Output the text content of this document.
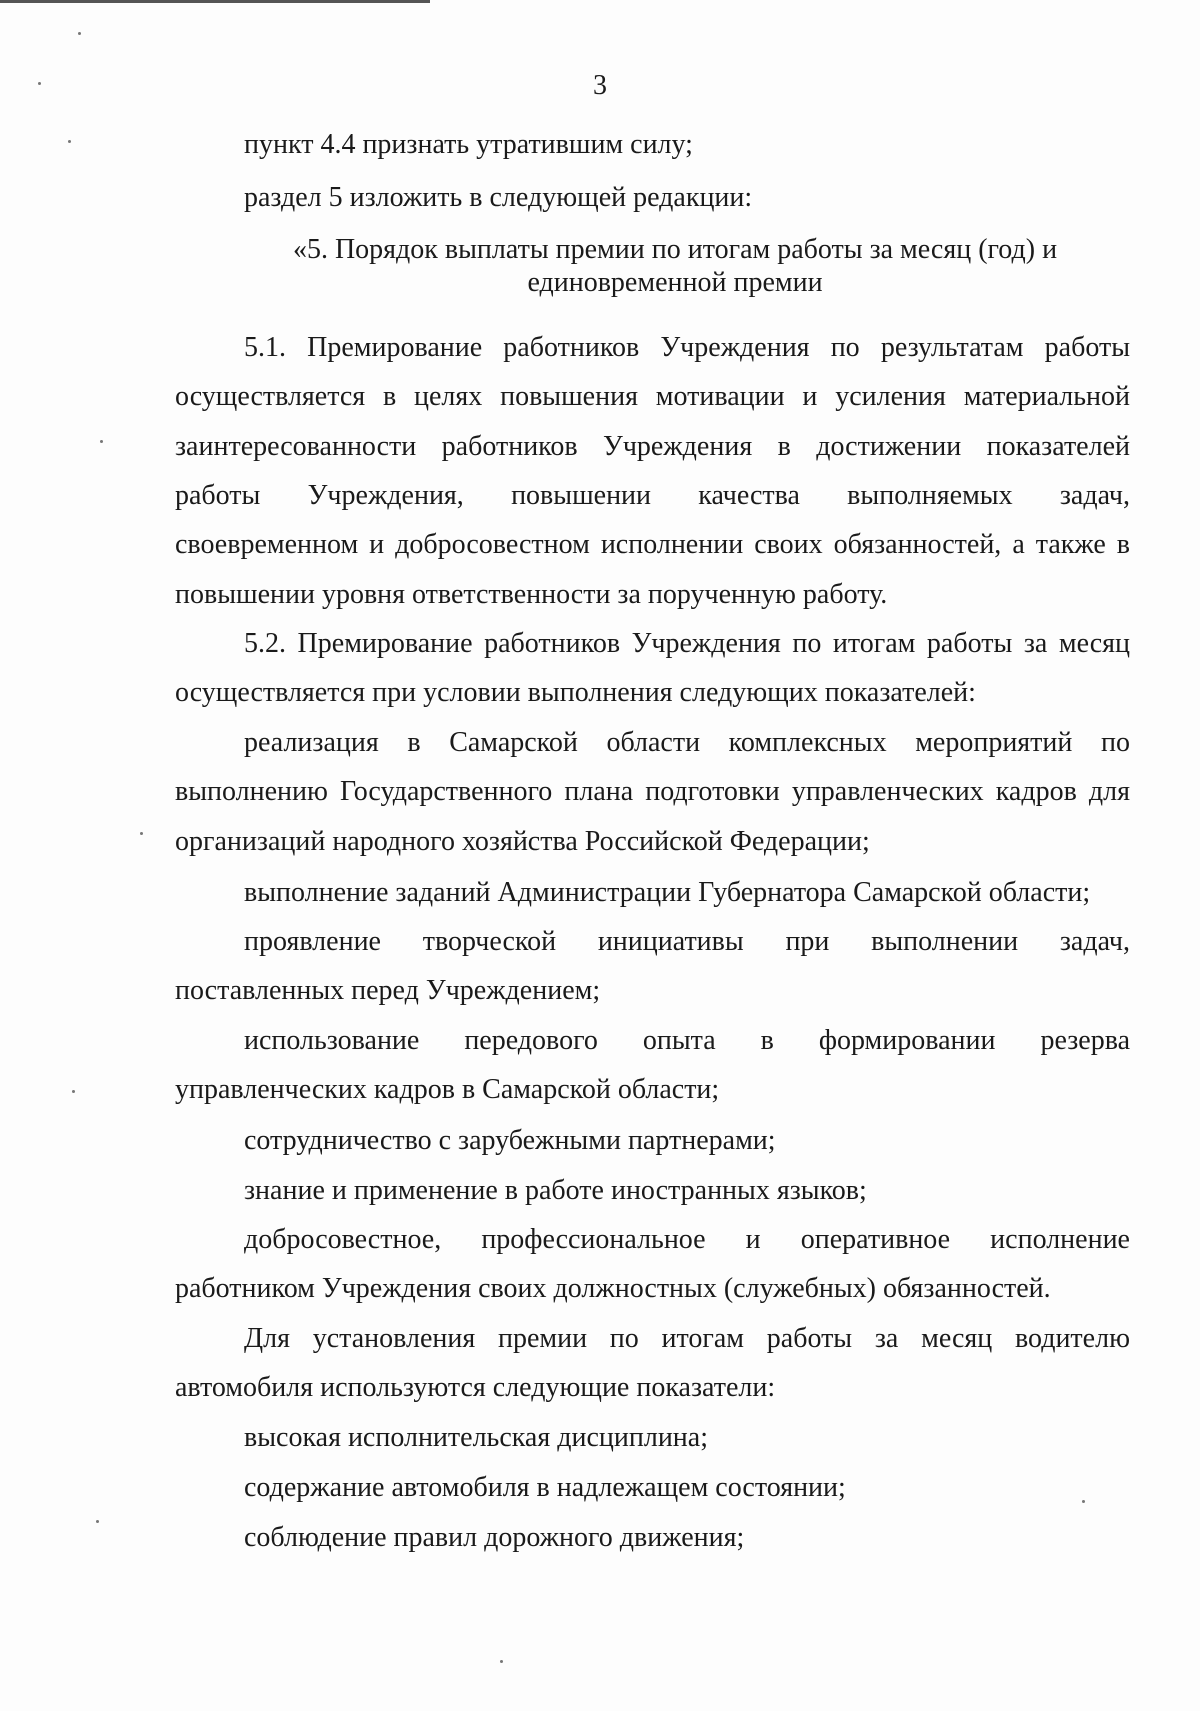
3
пункт 4.4 признать утратившим силу;
раздел 5 изложить в следующей редакции:
«5. Порядок выплаты премии по итогам работы за месяц (год) и
единовременной премии
5.1. Премирование работников Учреждения по результатам работы
осуществляется в целях повышения мотивации и усиления материальной
заинтересованности работников Учреждения в достижении показателей
работы Учреждения, повышении качества выполняемых задач,
своевременном и добросовестном исполнении своих обязанностей, а также в
повышении уровня ответственности за порученную работу.
5.2. Премирование работников Учреждения по итогам работы за месяц
осуществляется при условии выполнения следующих показателей:
реализация в Самарской области комплексных мероприятий по
выполнению Государственного плана подготовки управленческих кадров для
организаций народного хозяйства Российской Федерации;
выполнение заданий Администрации Губернатора Самарской области;
проявление творческой инициативы при выполнении задач,
поставленных перед Учреждением;
использование передового опыта в формировании резерва
управленческих кадров в Самарской области;
сотрудничество с зарубежными партнерами;
знание и применение в работе иностранных языков;
добросовестное, профессиональное и оперативное исполнение
работником Учреждения своих должностных (служебных) обязанностей.
Для установления премии по итогам работы за месяц водителю
автомобиля используются следующие показатели:
высокая исполнительская дисциплина;
содержание автомобиля в надлежащем состоянии;
соблюдение правил дорожного движения;
